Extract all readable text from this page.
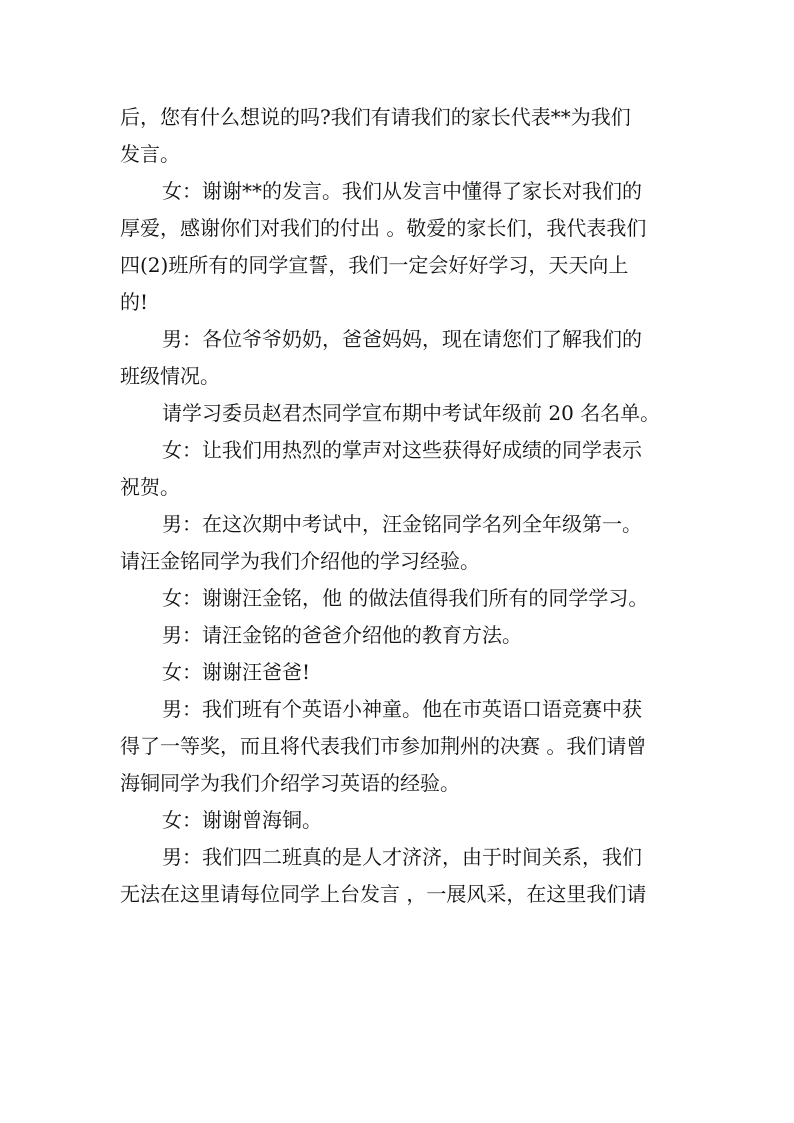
后，您有什么想说的吗?我们有请我们的家长代表**为我们
发言。
女：谢谢**的发言。我们从发言中懂得了家长对我们的
厚爱，感谢你们对我们的付出 。敬爱的家长们，我代表我们
四(2)班所有的同学宣誓，我们一定会好好学习，天天向上
的!
男：各位爷爷奶奶，爸爸妈妈，现在请您们了解我们的
班级情况。
请学习委员赵君杰同学宣布期中考试年级前 20 名名单。
女：让我们用热烈的掌声对这些获得好成绩的同学表示
祝贺。
男：在这次期中考试中，汪金铭同学名列全年级第一。
请汪金铭同学为我们介绍他的学习经验。
女：谢谢汪金铭，他 的做法值得我们所有的同学学习。
男：请汪金铭的爸爸介绍他的教育方法。
女：谢谢汪爸爸!
男：我们班有个英语小神童。他在市英语口语竞赛中获
得了一等奖，而且将代表我们市参加荆州的决赛 。我们请曾
海铜同学为我们介绍学习英语的经验。
女：谢谢曾海铜。
男：我们四二班真的是人才济济，由于时间关系，我们
无法在这里请每位同学上台发言 ，一展风采，在这里我们请
